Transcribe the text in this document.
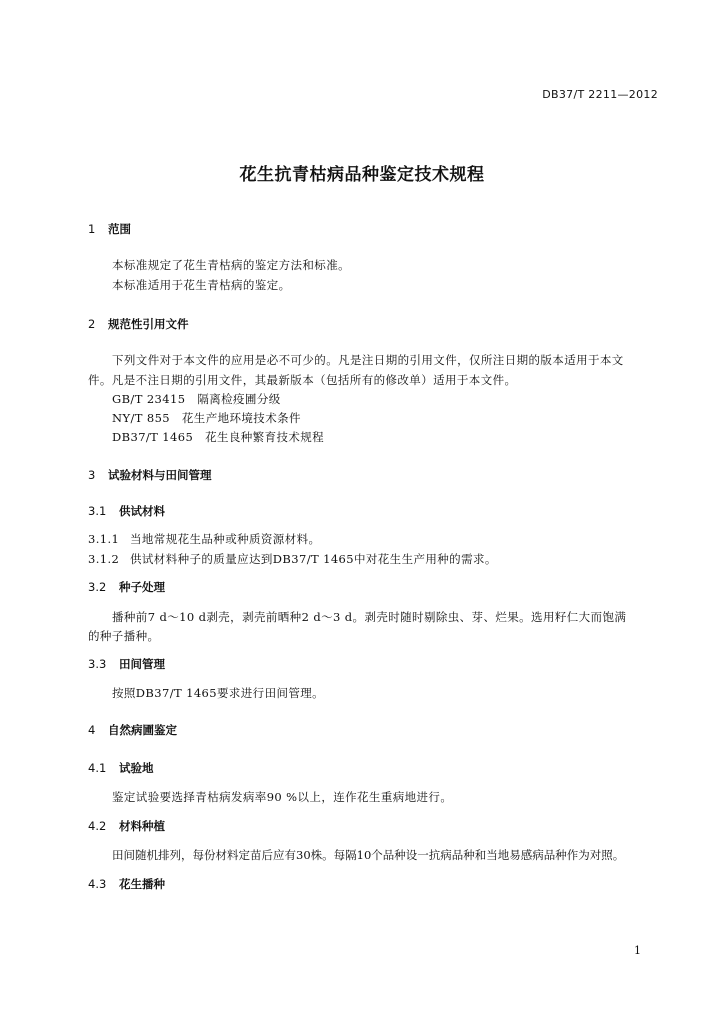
DB37/T 2211—2012
花生抗青枯病品种鉴定技术规程
1 范围
本标准规定了花生青枯病的鉴定方法和标准。
本标准适用于花生青枯病的鉴定。
2 规范性引用文件
下列文件对于本文件的应用是必不可少的。凡是注日期的引用文件，仅所注日期的版本适用于本文
件。凡是不注日期的引用文件，其最新版本（包括所有的修改单）适用于本文件。
GB/T 23415　隔离检疫圃分级
NY/T 855　花生产地环境技术条件
DB37/T 1465　花生良种繁育技术规程
3 试验材料与田间管理
3.1 供试材料
3.1.1 当地常规花生品种或种质资源材料。
3.1.2 供试材料种子的质量应达到DB37/T 1465中对花生生产用种的需求。
3.2 种子处理
播种前7 d～10 d剥壳，剥壳前晒种2 d～3 d。剥壳时随时剔除虫、芽、烂果。选用籽仁大而饱满
的种子播种。
3.3 田间管理
按照DB37/T 1465要求进行田间管理。
4 自然病圃鉴定
4.1 试验地
鉴定试验要选择青枯病发病率90 %以上，连作花生重病地进行。
4.2 材料种植
田间随机排列，每份材料定苗后应有30株。每隔10个品种设一抗病品种和当地易感病品种作为对照。
4.3 花生播种
1
